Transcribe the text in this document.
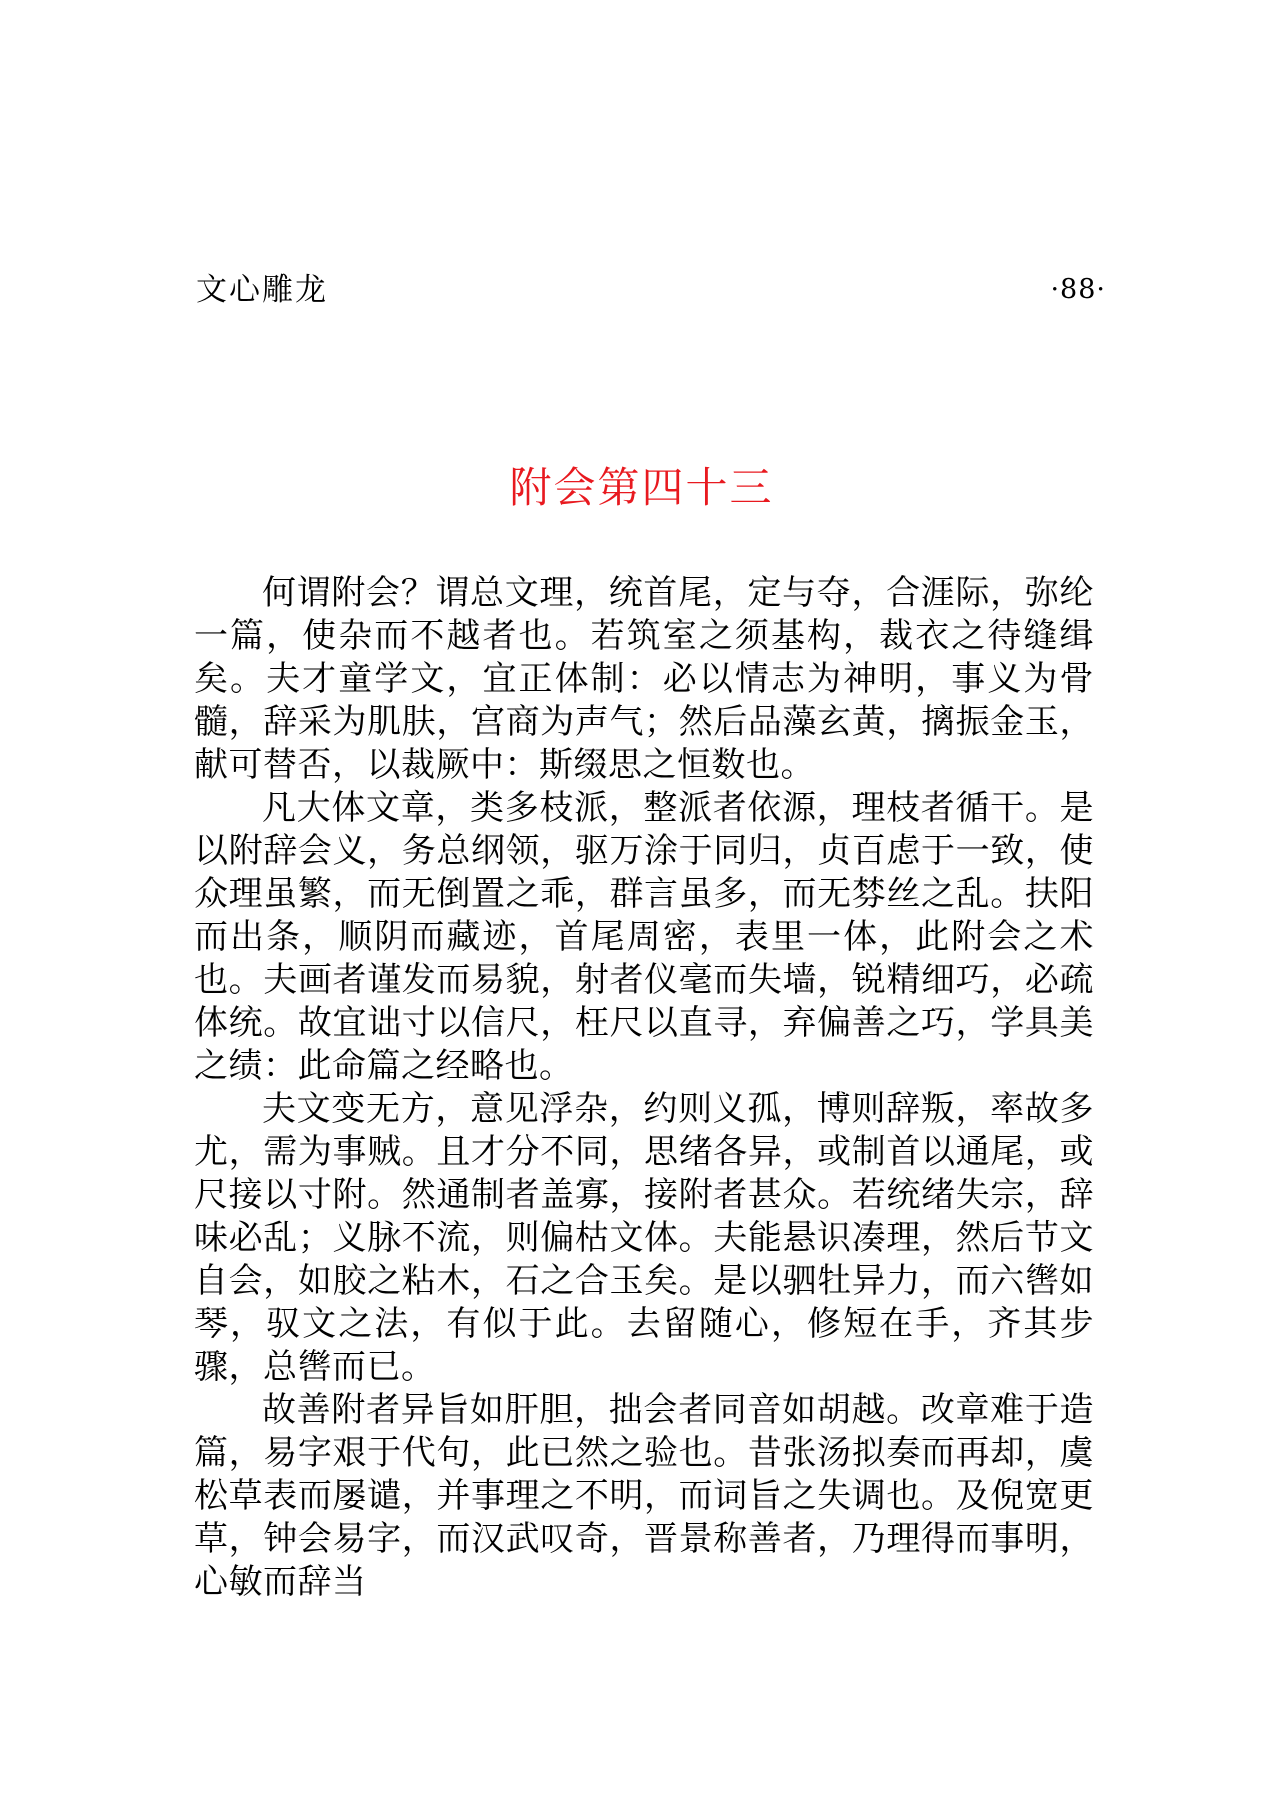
文心雕龙	·88·
附会第四十三

何谓附会？谓总文理，统首尾，定与夺，合涯际，弥纶一篇，使杂而不越者也。若筑室之须基构，裁衣之待缝缉矣。夫才童学文，宜正体制：必以情志为神明，事义为骨髓，辞采为肌肤，宫商为声气；然后品藻玄黄，摛振金玉，献可替否，以裁厥中：斯缀思之恒数也。

凡大体文章，类多枝派，整派者依源，理枝者循干。是以附辞会义，务总纲领，驱万涂于同归，贞百虑于一致，使众理虽繁，而无倒置之乖，群言虽多，而无棼丝之乱。扶阳而出条，顺阴而藏迹，首尾周密，表里一体，此附会之术也。夫画者谨发而易貌，射者仪毫而失墙，锐精细巧，必疏体统。故宜诎寸以信尺，枉尺以直寻，弃偏善之巧，学具美之绩：此命篇之经略也。

夫文变无方，意见浮杂，约则义孤，博则辞叛，率故多尤，需为事贼。且才分不同，思绪各异，或制首以通尾，或尺接以寸附。然通制者盖寡，接附者甚众。若统绪失宗，辞味必乱；义脉不流，则偏枯文体。夫能悬识凑理，然后节文自会，如胶之粘木，石之合玉矣。是以驷牡异力，而六辔如琴，驭文之法，有似于此。去留随心，修短在手，齐其步骤，总辔而已。

故善附者异旨如肝胆，拙会者同音如胡越。改章难于造篇，易字艰于代句，此已然之验也。昔张汤拟奏而再却，虞松草表而屡谴，并事理之不明，而词旨之失调也。及倪宽更草，钟会易字，而汉武叹奇，晋景称善者，乃理得而事明，心敏而辞当
